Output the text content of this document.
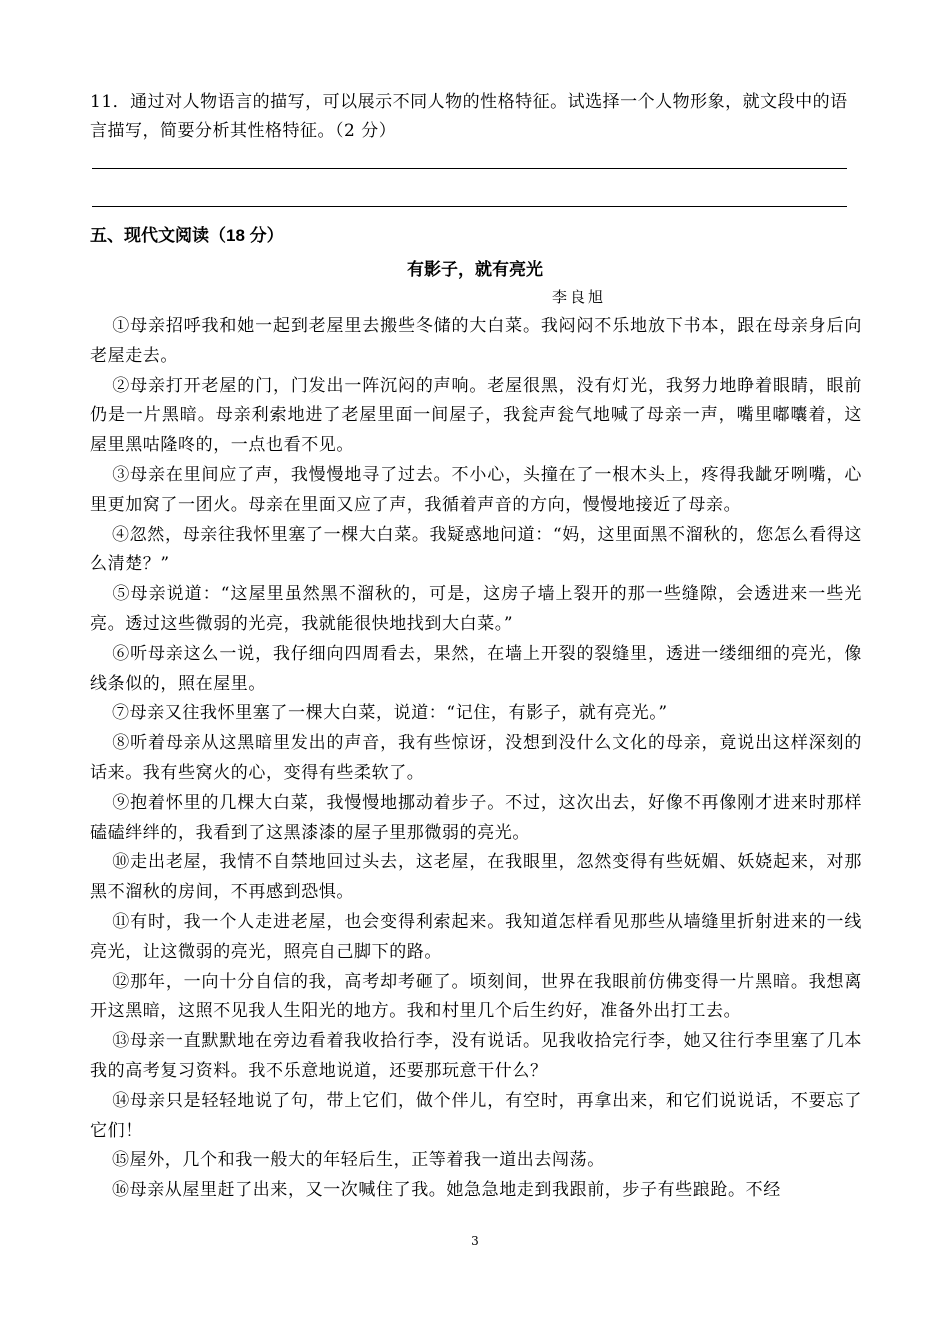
11．通过对人物语言的描写，可以展示不同人物的性格特征。试选择一个人物形象，就文段中的语言描写，简要分析其性格特征。（2 分）
五、现代文阅读（18 分）
有影子，就有亮光
李良旭

①母亲招呼我和她一起到老屋里去搬些冬储的大白菜。我闷闷不乐地放下书本，跟在母亲身后向老屋走去。

②母亲打开老屋的门，门发出一阵沉闷的声响。老屋很黑，没有灯光，我努力地睁着眼睛，眼前仍是一片黑暗。母亲利索地进了老屋里面一间屋子，我瓮声瓮气地喊了母亲一声，嘴里嘟囔着，这屋里黑咕隆咚的，一点也看不见。

③母亲在里间应了声，我慢慢地寻了过去。不小心，头撞在了一根木头上，疼得我龇牙咧嘴，心里更加窝了一团火。母亲在里面又应了声，我循着声音的方向，慢慢地接近了母亲。

④忽然，母亲往我怀里塞了一棵大白菜。我疑惑地问道：“妈，这里面黑不溜秋的，您怎么看得这么清楚？”

⑤母亲说道：“这屋里虽然黑不溜秋的，可是，这房子墙上裂开的那一些缝隙，会透进来一些光亮。透过这些微弱的光亮，我就能很快地找到大白菜。”

⑥听母亲这么一说，我仔细向四周看去，果然，在墙上开裂的裂缝里，透进一缕细细的亮光，像线条似的，照在屋里。

⑦母亲又往我怀里塞了一棵大白菜，说道：“记住，有影子，就有亮光。”

⑧听着母亲从这黑暗里发出的声音，我有些惊讶，没想到没什么文化的母亲，竟说出这样深刻的话来。我有些窝火的心，变得有些柔软了。

⑨抱着怀里的几棵大白菜，我慢慢地挪动着步子。不过，这次出去，好像不再像刚才进来时那样磕磕绊绊的，我看到了这黑漆漆的屋子里那微弱的亮光。

⑩走出老屋，我情不自禁地回过头去，这老屋，在我眼里，忽然变得有些妩媚、妖娆起来，对那黑不溜秋的房间，不再感到恐惧。

⑪有时，我一个人走进老屋，也会变得利索起来。我知道怎样看见那些从墙缝里折射进来的一线亮光，让这微弱的亮光，照亮自己脚下的路。

⑫那年，一向十分自信的我，高考却考砸了。顷刻间，世界在我眼前仿佛变得一片黑暗。我想离开这黑暗，这照不见我人生阳光的地方。我和村里几个后生约好，准备外出打工去。

⑬母亲一直默默地在旁边看着我收拾行李，没有说话。见我收拾完行李，她又往行李里塞了几本我的高考复习资料。我不乐意地说道，还要那玩意干什么？

⑭母亲只是轻轻地说了句，带上它们，做个伴儿，有空时，再拿出来，和它们说说话，不要忘了它们！

⑮屋外，几个和我一般大的年轻后生，正等着我一道出去闯荡。

⑯母亲从屋里赶了出来，又一次喊住了我。她急急地走到我跟前，步子有些踉跄。不经

3
